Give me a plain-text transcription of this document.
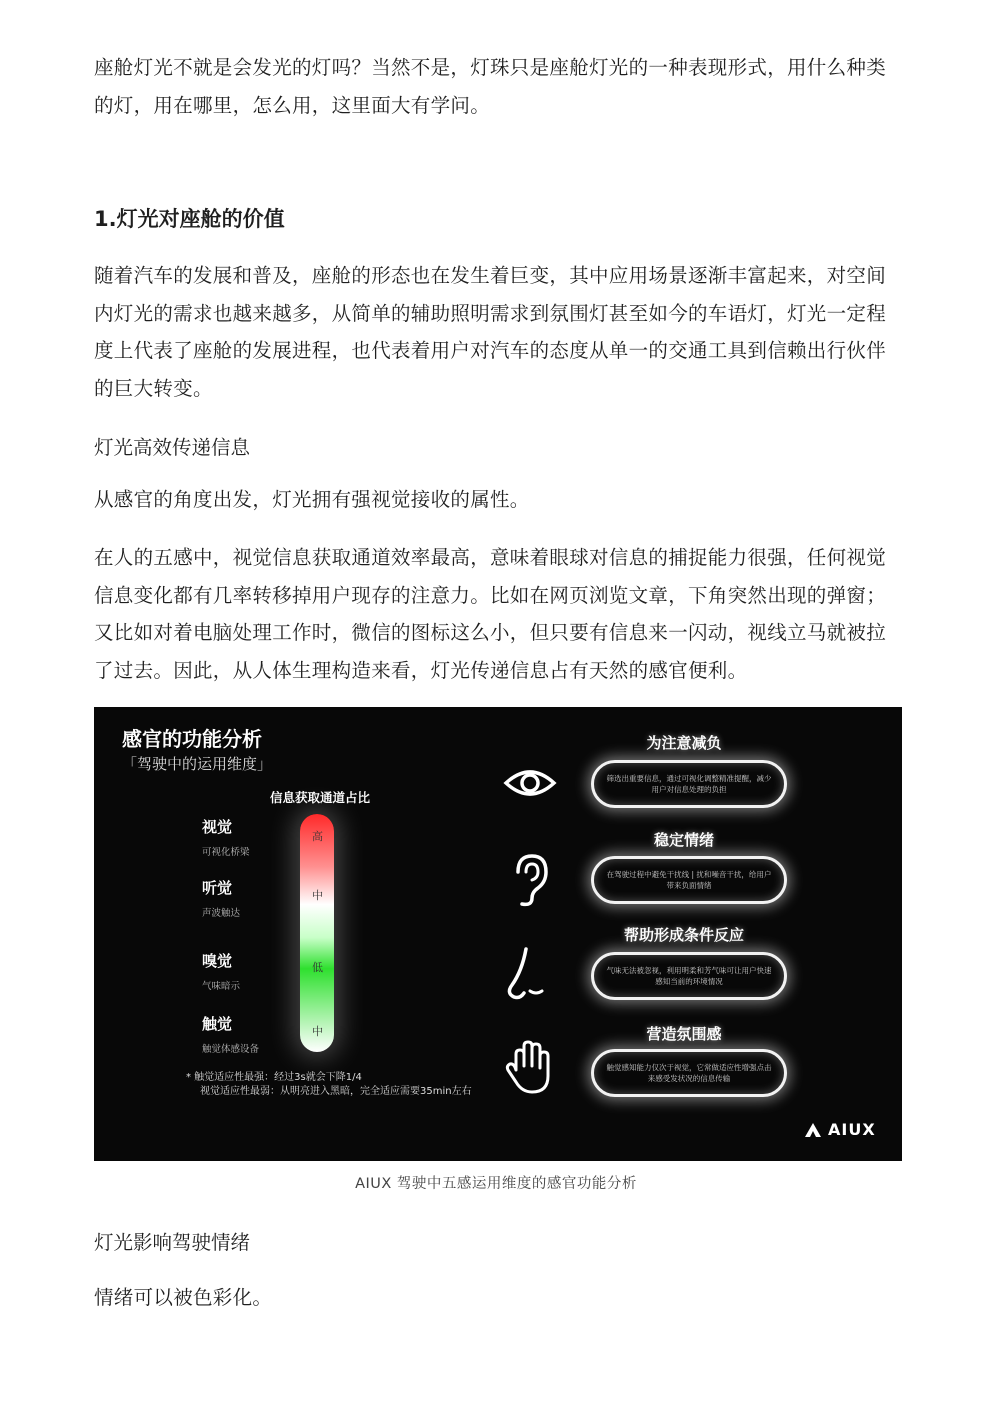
座舱灯光不就是会发光的灯吗？当然不是，灯珠只是座舱灯光的一种表现形式，用什么种类的灯，用在哪里，怎么用，这里面大有学问。

1.灯光对座舱的价值

随着汽车的发展和普及，座舱的形态也在发生着巨变，其中应用场景逐渐丰富起来，对空间内灯光的需求也越来越多，从简单的辅助照明需求到氛围灯甚至如今的车语灯，灯光一定程度上代表了座舱的发展进程，也代表着用户对汽车的态度从单一的交通工具到信赖出行伙伴的巨大转变。

灯光高效传递信息

从感官的角度出发，灯光拥有强视觉接收的属性。

在人的五感中，视觉信息获取通道效率最高，意味着眼球对信息的捕捉能力很强，任何视觉信息变化都有几率转移掉用户现存的注意力。比如在网页浏览文章，下角突然出现的弹窗；又比如对着电脑处理工作时，微信的图标这么小，但只要有信息来一闪动，视线立马就被拉了过去。因此，从人体生理构造来看，灯光传递信息占有天然的感官便利。

感官的功能分析
「驾驶中的运用维度」
信息获取通道占比
视觉
可视化桥梁
听觉
声波触达
嗅觉
气味暗示
触觉
触觉体感设备
高
中
低
中
* 触觉适应性最强：经过3s就会下降1/4
视觉适应性最弱：从明亮进入黑暗，完全适应需要35min左右
为注意减负
筛选出重要信息，通过可视化调整精准提醒，减少用户对信息处理的负担
稳定情绪
在驾驶过程中避免干扰线 | 扰和噪音干扰，给用户带来负面情绪
帮助形成条件反应
气味无法被忽视，利用明柔和芳气味可让用户快速感知当前的环境情况
营造氛围感
触觉感知能力仅次于视觉，它常做适应性增强点击来感受发状况的信息传输
AIUX

AIUX 驾驶中五感运用维度的感官功能分析

灯光影响驾驶情绪

情绪可以被色彩化。
